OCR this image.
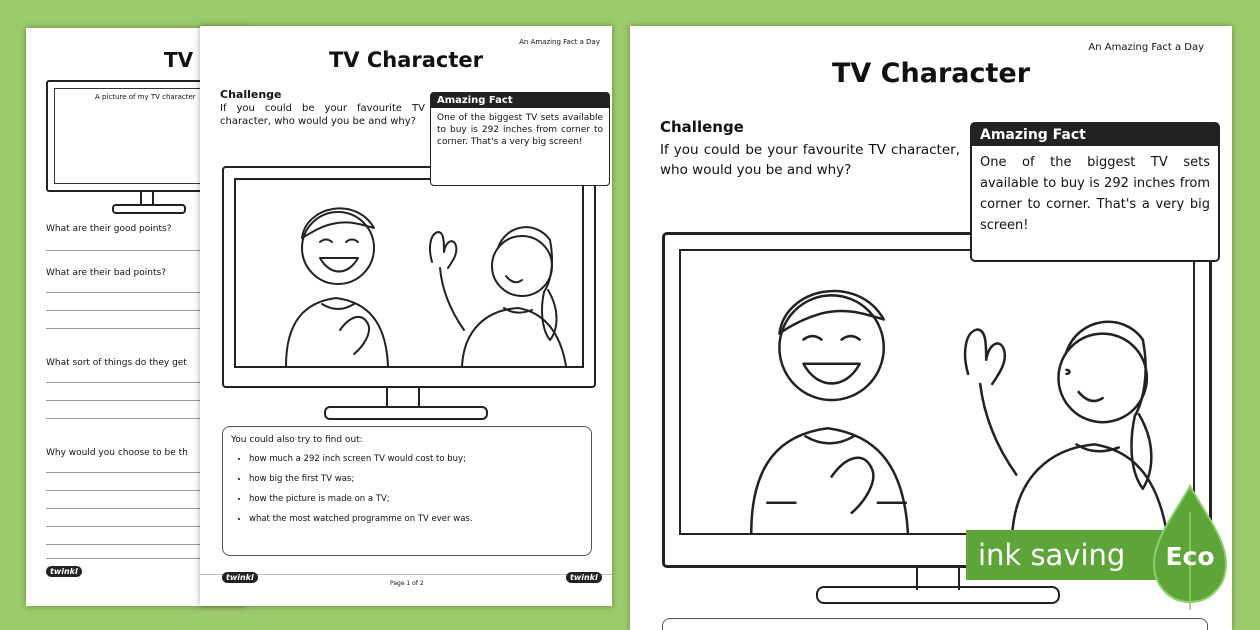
TV
A picture of my TV character
What are their good points?
What are their bad points?
What sort of things do they get
Why would you choose to be th
twinkl
An Amazing Fact a Day
TV Character
Challenge
If you could be your favourite TV character, who would you be and why?
Amazing Fact
One of the biggest TV sets available to buy is 292 inches from corner to corner. That's a very big screen!
You could also try to find out:
• how much a 292 inch screen TV would cost to buy;
• how big the first TV was;
• how the picture is made on a TV;
• what the most watched programme on TV ever was.
twinkl
Page 1 of 2
twinkl
An Amazing Fact a Day
TV Character
Challenge
If you could be your favourite TV character, who would you be and why?
Amazing Fact
One of the biggest TV sets available to buy is 292 inches from corner to corner. That's a very big screen!
ink saving	Eco
